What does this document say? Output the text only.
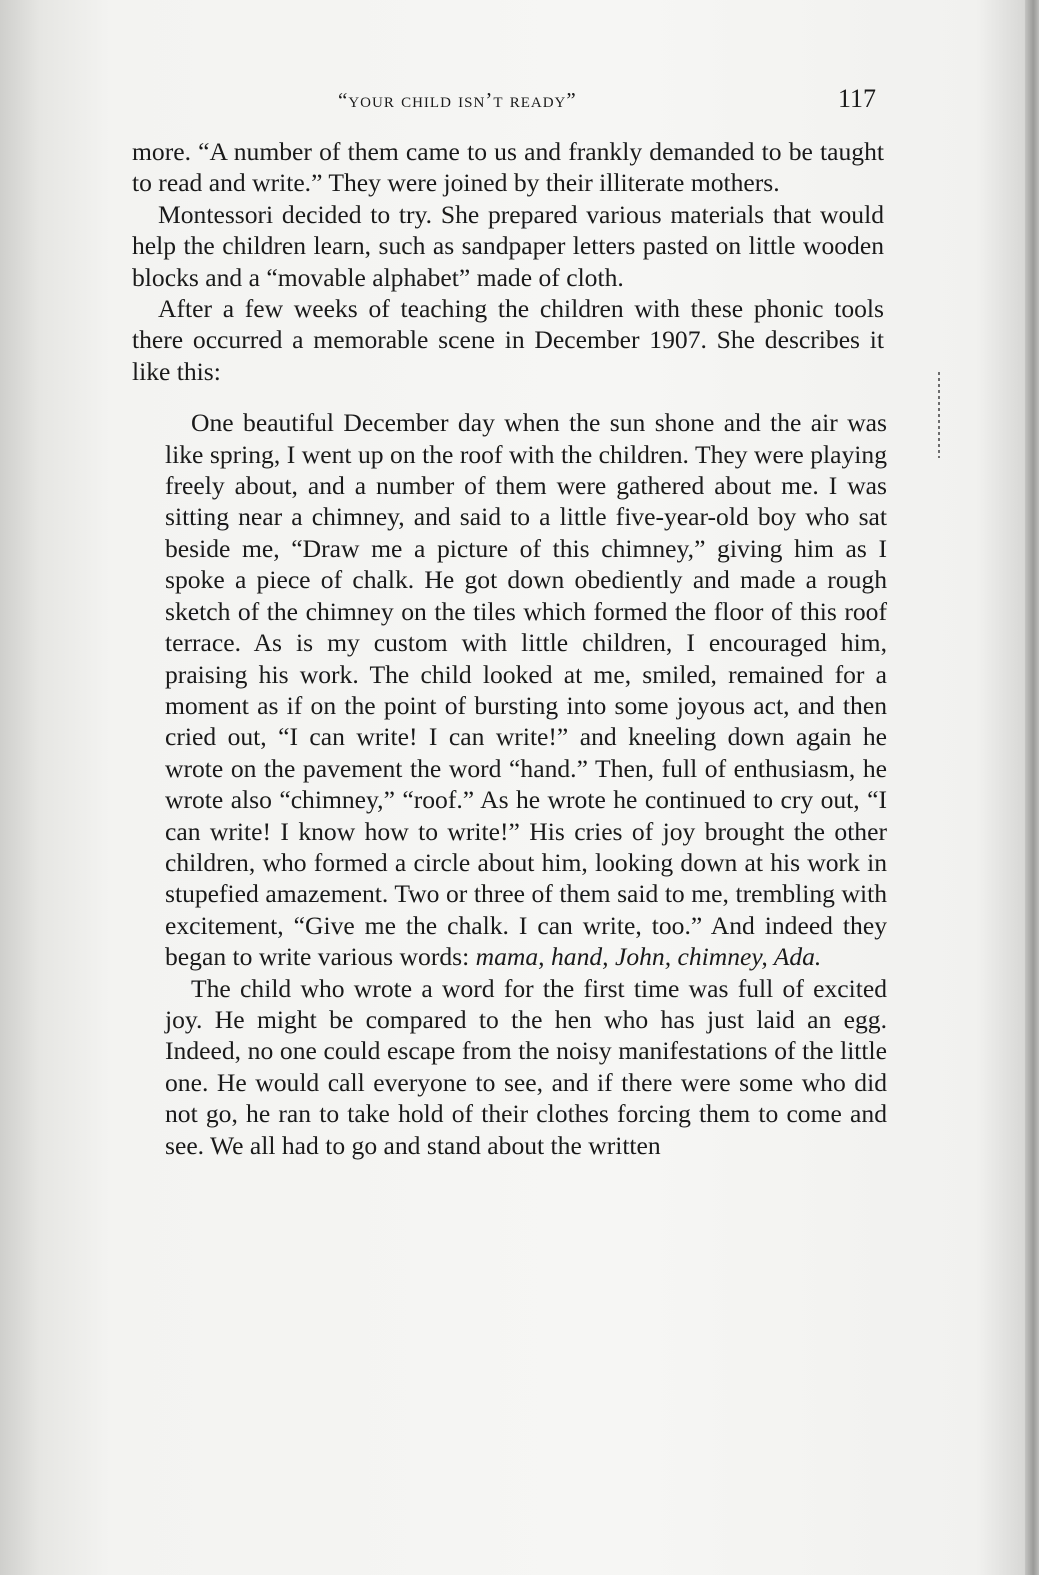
“your child isn’t ready”	117

more. “A number of them came to us and frankly demanded to be taught to read and write.” They were joined by their illiterate mothers.

Montessori decided to try. She prepared various materials that would help the children learn, such as sandpaper letters pasted on little wooden blocks and a “movable alphabet” made of cloth.

After a few weeks of teaching the children with these phonic tools there occurred a memorable scene in December 1907. She describes it like this:

One beautiful December day when the sun shone and the air was like spring, I went up on the roof with the children. They were playing freely about, and a number of them were gathered about me. I was sitting near a chimney, and said to a little five-year-old boy who sat beside me, “Draw me a picture of this chimney,” giving him as I spoke a piece of chalk. He got down obediently and made a rough sketch of the chimney on the tiles which formed the floor of this roof terrace. As is my custom with little children, I encouraged him, praising his work. The child looked at me, smiled, remained for a moment as if on the point of bursting into some joyous act, and then cried out, “I can write! I can write!” and kneeling down again he wrote on the pavement the word “hand.” Then, full of enthusiasm, he wrote also “chimney,” “roof.” As he wrote he continued to cry out, “I can write! I know how to write!” His cries of joy brought the other children, who formed a circle about him, looking down at his work in stupefied amazement. Two or three of them said to me, trembling with excitement, “Give me the chalk. I can write, too.” And indeed they began to write various words: mama, hand, John, chimney, Ada.

The child who wrote a word for the first time was full of excited joy. He might be compared to the hen who has just laid an egg. Indeed, no one could escape from the noisy manifestations of the little one. He would call everyone to see, and if there were some who did not go, he ran to take hold of their clothes forcing them to come and see. We all had to go and stand about the written
